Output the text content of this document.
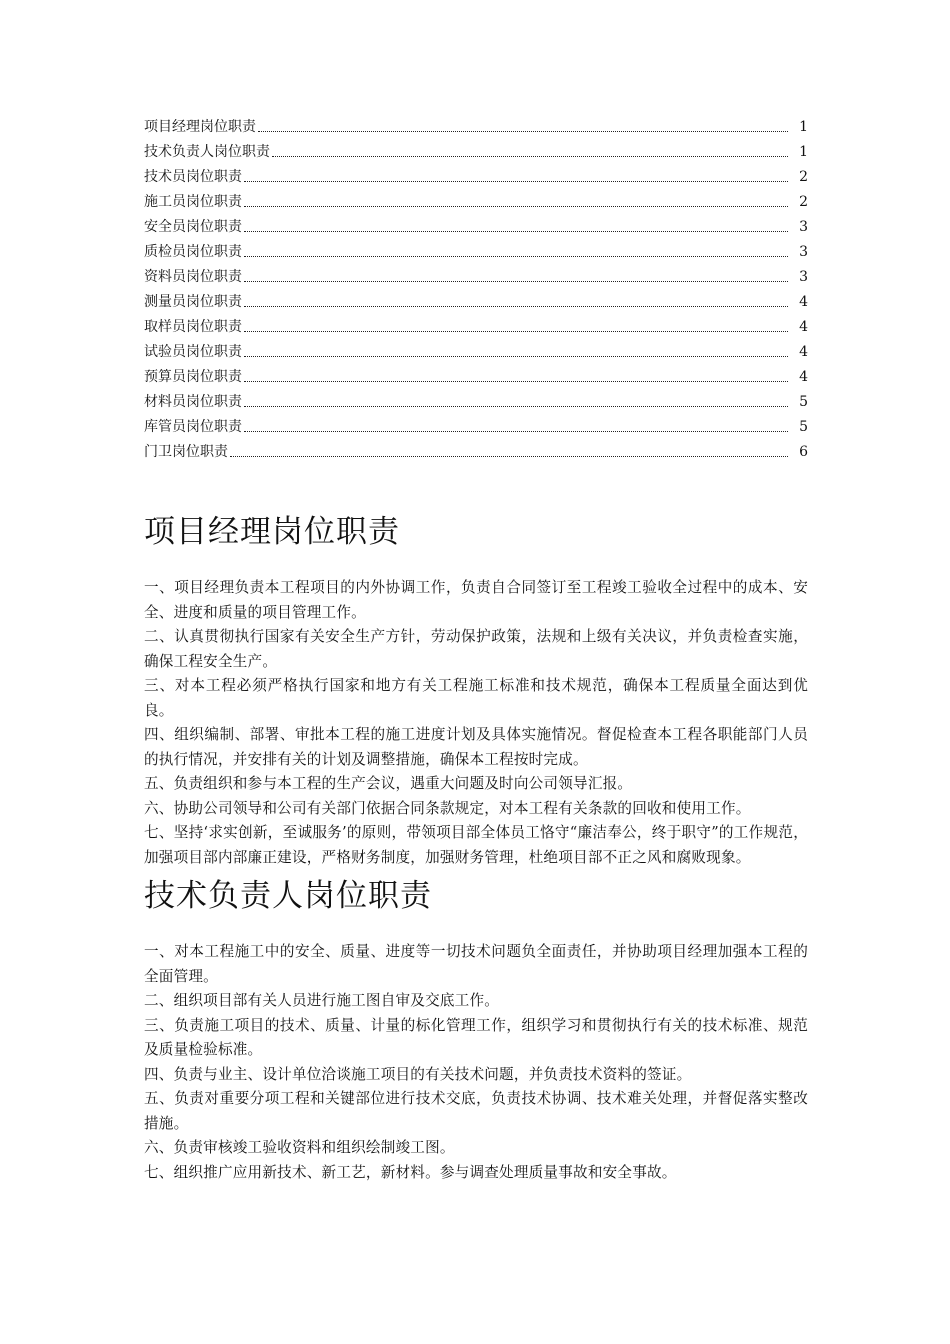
项目经理岗位职责	1
技术负责人岗位职责	1
技术员岗位职责	2
施工员岗位职责	2
安全员岗位职责	3
质检员岗位职责	3
资料员岗位职责	3
测量员岗位职责	4
取样员岗位职责	4
试验员岗位职责	4
预算员岗位职责	4
材料员岗位职责	5
库管员岗位职责	5
门卫岗位职责	6
项目经理岗位职责

一、项目经理负责本工程项目的内外协调工作，负责自合同签订至工程竣工验收全过程中的成本、安全、进度和质量的项目管理工作。

二、认真贯彻执行国家有关安全生产方针，劳动保护政策，法规和上级有关决议，并负责检查实施，确保工程安全生产。

三、对本工程必须严格执行国家和地方有关工程施工标准和技术规范，确保本工程质量全面达到优良。

四、组织编制、部署、审批本工程的施工进度计划及具体实施情况。督促检查本工程各职能部门人员的执行情况，并安排有关的计划及调整措施，确保本工程按时完成。

五、负责组织和参与本工程的生产会议，遇重大问题及时向公司领导汇报。

六、协助公司领导和公司有关部门依据合同条款规定，对本工程有关条款的回收和使用工作。

七、坚持‘求实创新，至诚服务’的原则，带领项目部全体员工恪守“廉洁奉公，终于职守”的工作规范，加强项目部内部廉正建设，严格财务制度，加强财务管理，杜绝项目部不正之风和腐败现象。

技术负责人岗位职责

一、对本工程施工中的安全、质量、进度等一切技术问题负全面责任，并协助项目经理加强本工程的全面管理。

二、组织项目部有关人员进行施工图自审及交底工作。

三、负责施工项目的技术、质量、计量的标化管理工作，组织学习和贯彻执行有关的技术标准、规范及质量检验标准。

四、负责与业主、设计单位洽谈施工项目的有关技术问题，并负责技术资料的签证。

五、负责对重要分项工程和关键部位进行技术交底，负责技术协调、技术难关处理，并督促落实整改措施。

六、负责审核竣工验收资料和组织绘制竣工图。

七、组织推广应用新技术、新工艺，新材料。参与调查处理质量事故和安全事故。
